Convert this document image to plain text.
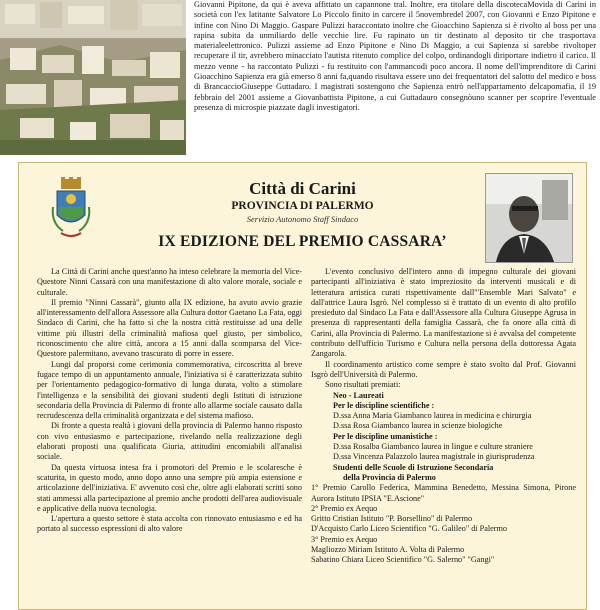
Giovanni Pipitone, da qui è aveva affittato un capannone tral. Inoltre, era titolare della discotecaMovida di Carini in società con l'ex latitante Salvatore Lo Piccolo finito in carcere il 5novembredel 2007, con Giovanni e Enzo Pipitone e infine con Nino Di Maggio. Gaspare Pulizzi haraccontato inoltre che Gioacchino Sapienza si è rivolto al boss per una rapina subita da unmiliardo delle vecchie lire. Fu rapinato un tir destinato al deposito tir che trasportava materialeelettronico. Pulizzi assieme ad Enzo Pipitone e Nino Di Maggio, a cui Sapienza si sarebbe rivoltoper recuperare il tir, avrebbero minacciato l'autista ritenuto complice del colpo, ordinandogli diriportare indietro il carico. Il mezzo venne - ha raccontato Pulizzi - fu restituito con l'ammancodi poco ancora. Il nome dell'imprenditore di Carini Gioacchino Sapienza era già emerso 8 anni fa,quando risultava essere uno dei frequentatori del salotto del medico e boss di BrancaccioGiuseppe Guttadaro. I magistrati sostengono che Sapienza entrò nell'appartamento delcapomafia, il 19 febbraio del 2001 assieme a Giovanbattista Pipitone, a cui Guttadauro consegnòuno scanner per scoprire l'eventuale presenza di microspie piazzate dagli investigatori.

Città di Carini
PROVINCIA DI PALERMO
Servizio Autonomo Staff Sindaco
IX EDIZIONE DEL PREMIO CASSARA’

La Città di Carini anche quest'anno ha inteso celebrare la memoria del Vice- Questore Ninni Cassarà con una manifestazione di alto valore morale, sociale e culturale.

Il premio "Ninni Cassarà", giunto alla IX edizione, ha avuto avvio grazie all'interessamento dell'allora Assessore alla Cultura dottor Gaetano La Fata, oggi Sindaco di Carini, che ha fatto sì che la nostra città restituisse ad una delle vittime più illustri della criminalità mafiosa quel giusto, per simbolico, riconoscimento che altre città, ancora a 15 anni dalla scomparsa del Vice-Questore palermitano, avevano trascurato di porre in essere.

Lungi dal proporsi come cerimonia commemorativa, circoscritta al breve fugace tempo di un appuntamento annuale, l'iniziativa si è caratterizzata subito per l'orientamento pedagogico-formativo di lunga durata, volto a stimolare l'intelligenza e la sensibilità dei giovani studenti degli Istituti di istruzione secondaria della Provincia di Palermo di fronte allo allarme sociale causato dalla recrudescenza della criminalità organizzata e del sistema mafioso.

Di fronte a questa realtà i giovani della provincia di Palermo hanno risposto con vivo entusiasmo e partecipazione, rivelando nella realizzazione degli elaborati proposti una qualificata Giuria, attitudini encomiabili all'analisi sociale.

Da questa virtuosa intesa fra i promotori del Premio e le scolaresche è scaturita, in questo modo, anno dopo anno una sempre più ampia estensione e articolazione dell'iniziativa. E' avvenuto così che, oltre agli elaborati scritti sono stati ammessi alla partecipazione al premio anche prodotti dell'area audiovisuale e applicative della nuova tecnologia.

L'apertura a questo settore è stata accolta con rinnovato entusiasmo e ed ha portato al successo espressioni di alto valore

L'evento conclusivo dell'intero anno di impegno culturale dei giovani partecipanti all'iniziativa è stato impreziosito da interventi musicali e di letteratura artistica curati rispettivamente dall'"Ensemble Mari Salvato" e dall'attrice Laura Isgrò. Nel complesso si è trattato di un evento di alto profilo presieduto dal Sindaco La Fata e dall'Assessore alla Cultura Giuseppe Agrusa in presenza di rappresentanti della famiglia Cassarà, che fa onore alla città di Carini, alla Provincia di Palermo. La manifestazione si è avvalsa del competente contributo dell'ufficio Turismo e Cultura nella persona della dottoressa Agata Zangarola.

Il coordinamento artistico come sempre è stato svolto dal Prof. Giovanni Isgrò dell'Università di Palermo.

Sono risultati premiati:
Neo - Laureati
Per le discipline scientifiche :
D.ssa Anna Maria Giambanco laurea in medicina e chirurgia
D.ssa Rosa Giambanco laurea in scienze biologiche
Per le discipline umanistiche :
D.ssa Rosalba Giambanco laurea in lingue e culture straniere
D.ssa Vincenza Palazzolo laurea magistrale in giurisprudenza
Studenti delle Scuole di Istruzione Secondaria
della Provincia di Palermo
1° Premio Carollo Federica, Mammina Benedetto, Messina Simona, Pirone Aurora Istituto IPSIA "E.Ascione"
2° Premio ex Aequo
Gritto Cristian Istituto "P. Borsellino" di Palermo
D'Acquisto Carlo Liceo Scientifico "G. Galileo" di Palermo
3° Premio ex Aequo
Magliozzo Miriam Istituto A. Volta di Palermo
Sabatino Chiara Liceo Scientifico "G. Salerno" "Gangi"
